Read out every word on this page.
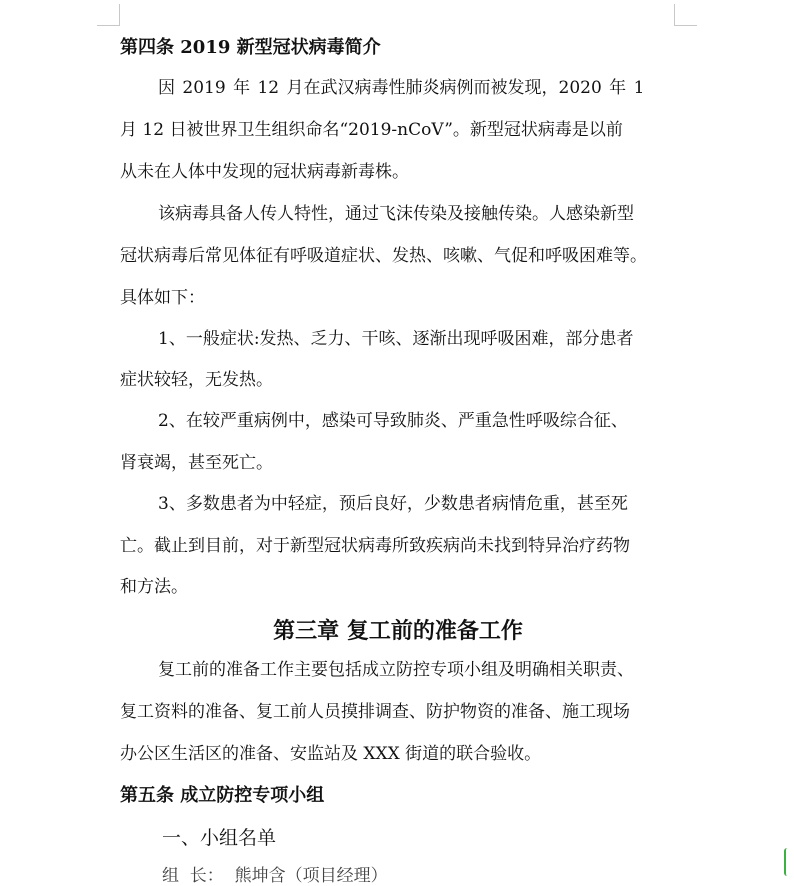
第四条 2019 新型冠状病毒简介
因 2019 年 12 月在武汉病毒性肺炎病例而被发现，2020 年 1
月 12 日被世界卫生组织命名“2019-nCoV”。新型冠状病毒是以前
从未在人体中发现的冠状病毒新毒株。
该病毒具备人传人特性，通过飞沫传染及接触传染。人感染新型
冠状病毒后常见体征有呼吸道症状、发热、咳嗽、气促和呼吸困难等。
具体如下：
1、一般症状:发热、乏力、干咳、逐渐出现呼吸困难，部分患者
症状较轻，无发热。
2、在较严重病例中，感染可导致肺炎、严重急性呼吸综合征、
肾衰竭，甚至死亡。
3、多数患者为中轻症，预后良好，少数患者病情危重，甚至死
亡。截止到目前，对于新型冠状病毒所致疾病尚未找到特异治疗药物
和方法。
第三章 复工前的准备工作
复工前的准备工作主要包括成立防控专项小组及明确相关职责、
复工资料的准备、复工前人员摸排调查、防护物资的准备、施工现场
办公区生活区的准备、安监站及 XXX 街道的联合验收。
第五条 成立防控专项小组
一、小组名单
组  长：  熊坤含（项目经理）
